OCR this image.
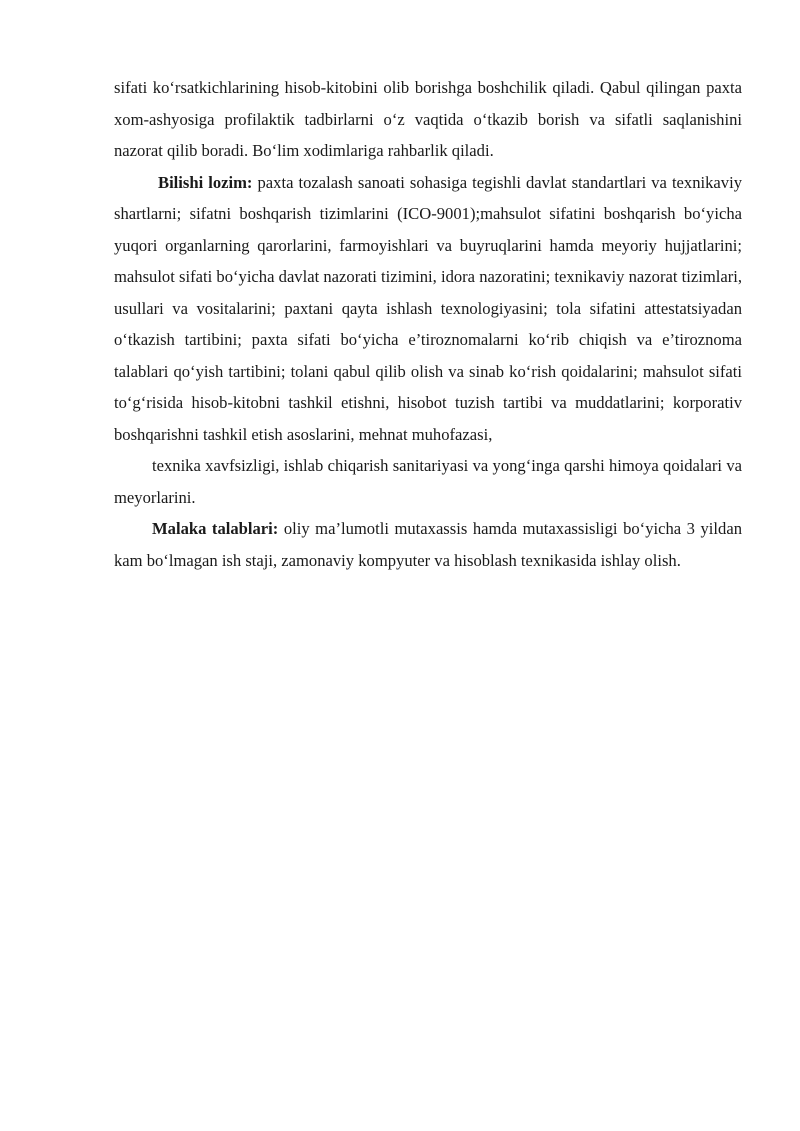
sifati ko‘rsatkichlarining hisob-kitobini olib borishga boshchilik qiladi. Qabul qilingan paxta xom-ashyosiga profilaktik tadbirlarni o‘z vaqtida o‘tkazib borish va sifatli saqlanishini nazorat qilib boradi. Bo‘lim xodimlariga rahbarlik qiladi.

Bilishi lozim: paxta tozalash sanoati sohasiga tegishli davlat standartlari va texnikaviy shartlarni; sifatni boshqarish tizimlarini (ICO-9001);mahsulot sifatini boshqarish bo‘yicha yuqori organlarning qarorlarini, farmoyishlari va buyruqlarini hamda meyoriy hujjatlarini; mahsulot sifati bo‘yicha davlat nazorati tizimini, idora nazoratini; texnikaviy nazorat tizimlari, usullari va vositalarini; paxtani qayta ishlash texnologiyasini; tola sifatini attestatsiyadan o‘tkazish tartibini; paxta sifati bo‘yicha e’tiroznomalarni ko‘rib chiqish va e’tiroznoma talablari qo‘yish tartibini; tolani qabul qilib olish va sinab ko‘rish qoidalarini; mahsulot sifati to‘g‘risida hisob-kitobni tashkil etishni, hisobot tuzish tartibi va muddatlarini; korporativ boshqarishni tashkil etish asoslarini, mehnat muhofazasi,

texnika xavfsizligi, ishlab chiqarish sanitariyasi va yong‘inga qarshi himoya qoidalari va meyorlarini.

Malaka talablari: oliy ma’lumotli mutaxassis hamda mutaxassisligi bo‘yicha 3 yildan kam bo‘lmagan ish staji, zamonaviy kompyuter va hisoblash texnikasida ishlay olish.
